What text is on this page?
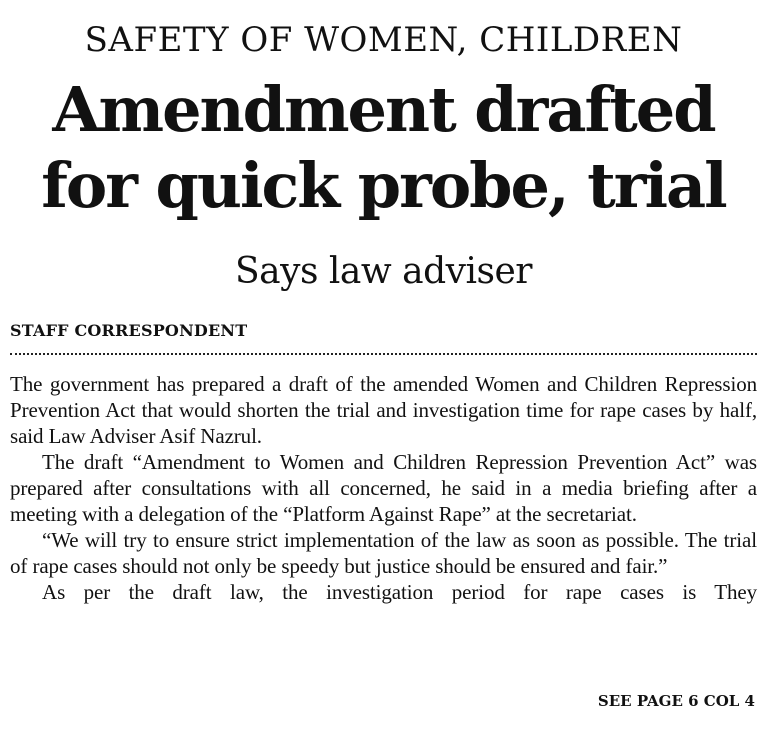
SAFETY OF WOMEN, CHILDREN
Amendment drafted
for quick probe, trial
Says law adviser
STAFF CORRESPONDENT

The government has prepared a draft of the amended Women and Children Repression Prevention Act that would shorten the trial and investigation time for rape cases by half, said Law Adviser Asif Nazrul.

The draft “Amendment to Women and Children Repression Prevention Act” was prepared after consultations with all concerned, he said in a media briefing after a meeting with a delegation of the “Platform Against Rape” at the secretariat.

“We will try to ensure strict implementation of the law as soon as possible. The trial of rape cases should not only be speedy but justice should be ensured and fair.”

As per the draft law, the investigation period for rape cases is They

SEE PAGE 6 COL 4
